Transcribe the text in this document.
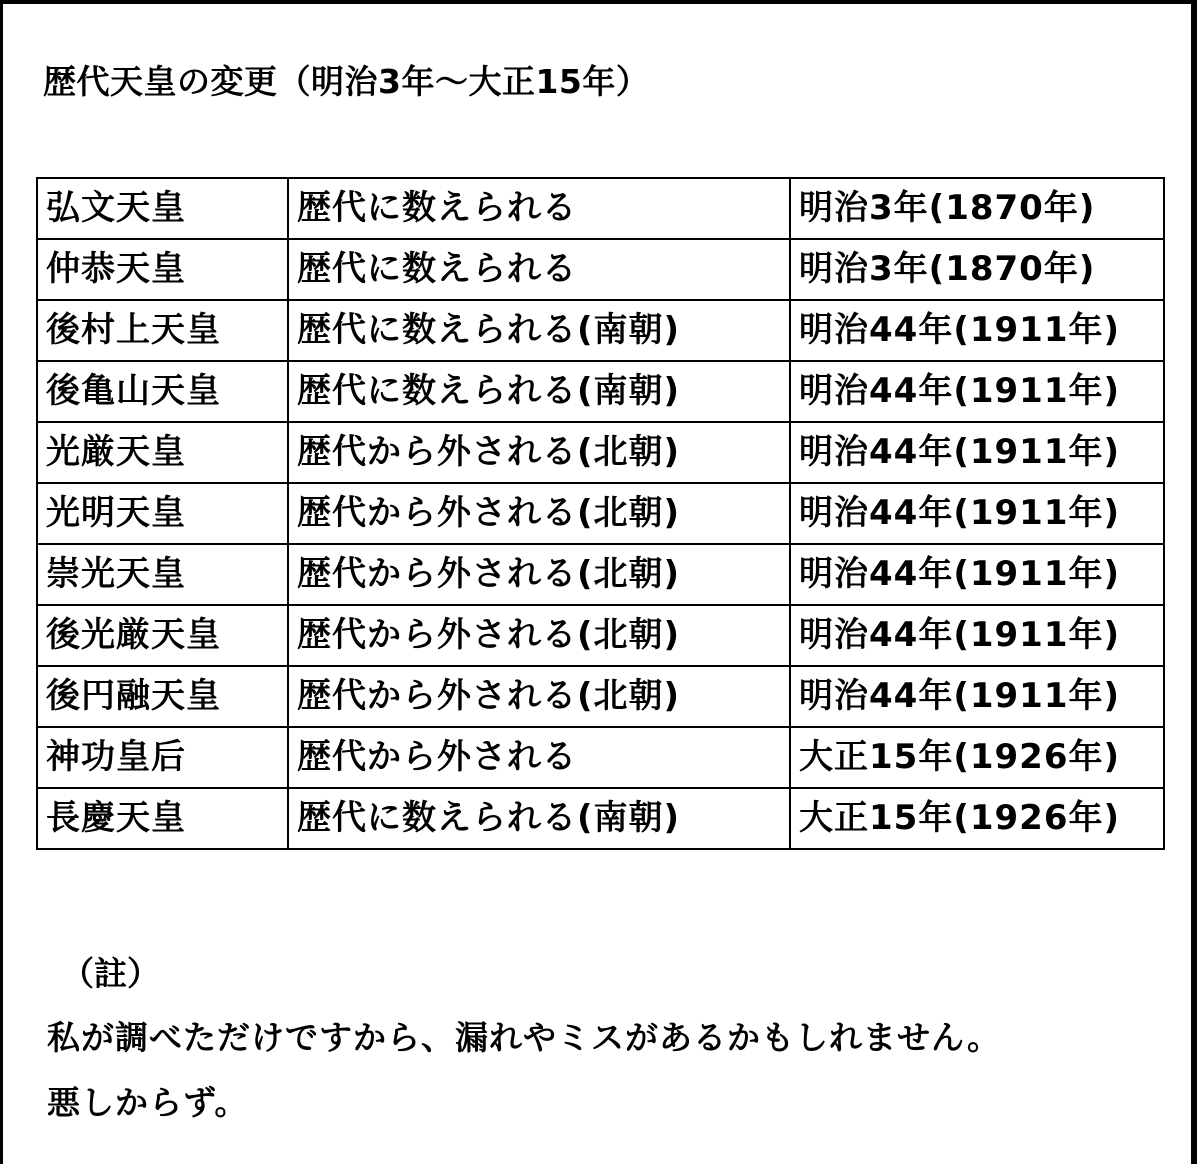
歴代天皇の変更（明治3年～大正15年）
弘文天皇	歴代に数えられる	明治3年(1870年)
仲恭天皇	歴代に数えられる	明治3年(1870年)
後村上天皇	歴代に数えられる(南朝)	明治44年(1911年)
後亀山天皇	歴代に数えられる(南朝)	明治44年(1911年)
光厳天皇	歴代から外される(北朝)	明治44年(1911年)
光明天皇	歴代から外される(北朝)	明治44年(1911年)
崇光天皇	歴代から外される(北朝)	明治44年(1911年)
後光厳天皇	歴代から外される(北朝)	明治44年(1911年)
後円融天皇	歴代から外される(北朝)	明治44年(1911年)
神功皇后	歴代から外される	大正15年(1926年)
長慶天皇	歴代に数えられる(南朝)	大正15年(1926年)
（註）
私が調べただけですから、漏れやミスがあるかもしれません。
悪しからず。
